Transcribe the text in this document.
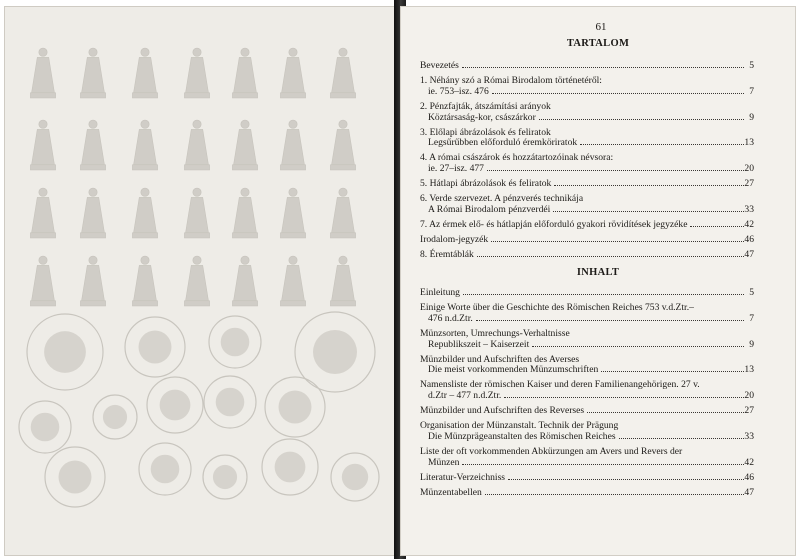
61
TARTALOM
Bevezetés	5
1. Néhány szó a Római Birodalom történetéről:
ie. 753–isz. 476	7
2. Pénzfajták, átszámítási arányok
Köztársaság-kor, császárkor	9
3. Előlapi ábrázolások és feliratok
Legsűrűbben előforduló éremköriratok	13
4. A római császárok és hozzátartozóinak névsora:
ie. 27–isz. 477	20
5. Hátlapi ábrázolások és feliratok	27
6. Verde szervezet. A pénzverés technikája
A Római Birodalom pénzverdéi	33
7. Az érmek elő- és hátlapján előforduló gyakori rövidítések jegyzéke	42
Irodalom-jegyzék	46
8. Éremtáblák	47
INHALT
Einleitung	5
Einige Worte über die Geschichte des Römischen Reiches 753 v.d.Ztr.–
476 n.d.Ztr.	7
Münzsorten, Umrechungs-Verhaltnisse
Republikszeit – Kaiserzeit	9
Münzbilder und Aufschriften des Averses
Die meist vorkommenden Münzumschriften	13
Namensliste der römischen Kaiser und deren Familienangehörigen. 27 v.
d.Ztr – 477 n.d.Ztr.	20
Münzbilder und Aufschriften des Reverses	27
Organisation der Münzanstalt. Technik der Prägung
Die Münzprägeanstalten des Römischen Reiches	33
Liste der oft vorkommenden Abkürzungen am Avers und Revers der
Münzen	42
Literatur-Verzeichniss	46
Münzentabellen	47
